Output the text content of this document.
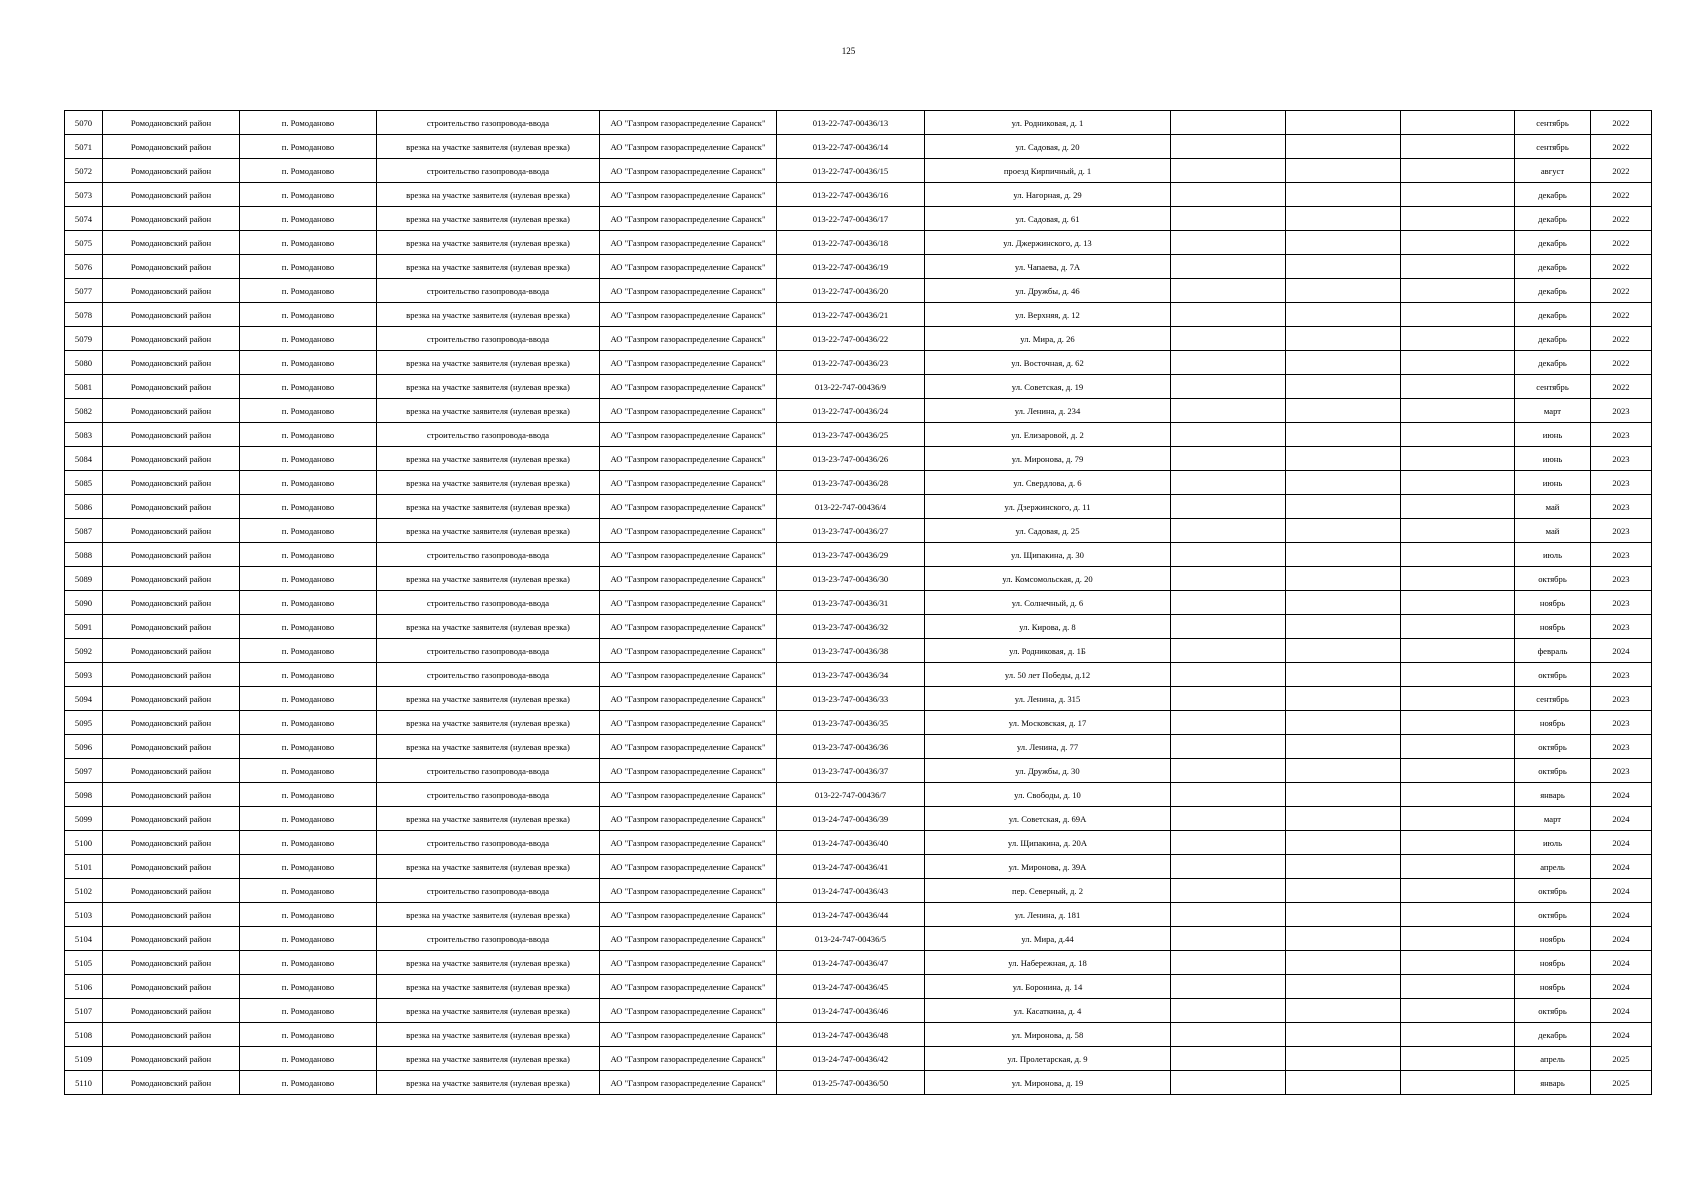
125
5070	Ромодановский район	п. Ромоданово	строительство газопровода-ввода	АО "Газпром газораспределение Саранск"	013-22-747-00436/13	ул. Родниковая, д. 1				сентябрь	2022
5071	Ромодановский район	п. Ромоданово	врезка на участке заявителя (нулевая врезка)	АО "Газпром газораспределение Саранск"	013-22-747-00436/14	ул. Садовая, д. 20				сентябрь	2022
5072	Ромодановский район	п. Ромоданово	строительство газопровода-ввода	АО "Газпром газораспределение Саранск"	013-22-747-00436/15	проезд Кирпичный, д. 1				август	2022
5073	Ромодановский район	п. Ромоданово	врезка на участке заявителя (нулевая врезка)	АО "Газпром газораспределение Саранск"	013-22-747-00436/16	ул. Нагорная, д. 29				декабрь	2022
5074	Ромодановский район	п. Ромоданово	врезка на участке заявителя (нулевая врезка)	АО "Газпром газораспределение Саранск"	013-22-747-00436/17	ул. Садовая, д. 61				декабрь	2022
5075	Ромодановский район	п. Ромоданово	врезка на участке заявителя (нулевая врезка)	АО "Газпром газораспределение Саранск"	013-22-747-00436/18	ул. Джержинского, д. 13				декабрь	2022
5076	Ромодановский район	п. Ромоданово	врезка на участке заявителя (нулевая врезка)	АО "Газпром газораспределение Саранск"	013-22-747-00436/19	ул. Чапаева, д. 7А				декабрь	2022
5077	Ромодановский район	п. Ромоданово	строительство газопровода-ввода	АО "Газпром газораспределение Саранск"	013-22-747-00436/20	ул. Дружбы, д. 46				декабрь	2022
5078	Ромодановский район	п. Ромоданово	врезка на участке заявителя (нулевая врезка)	АО "Газпром газораспределение Саранск"	013-22-747-00436/21	ул. Верхняя, д. 12				декабрь	2022
5079	Ромодановский район	п. Ромоданово	строительство газопровода-ввода	АО "Газпром газораспределение Саранск"	013-22-747-00436/22	ул. Мира, д. 26				декабрь	2022
5080	Ромодановский район	п. Ромоданово	врезка на участке заявителя (нулевая врезка)	АО "Газпром газораспределение Саранск"	013-22-747-00436/23	ул. Восточная, д. 62				декабрь	2022
5081	Ромодановский район	п. Ромоданово	врезка на участке заявителя (нулевая врезка)	АО "Газпром газораспределение Саранск"	013-22-747-00436/9	ул. Советская, д. 19				сентябрь	2022
5082	Ромодановский район	п. Ромоданово	врезка на участке заявителя (нулевая врезка)	АО "Газпром газораспределение Саранск"	013-22-747-00436/24	ул. Ленина, д. 234				март	2023
5083	Ромодановский район	п. Ромоданово	строительство газопровода-ввода	АО "Газпром газораспределение Саранск"	013-23-747-00436/25	ул. Елизаровой, д. 2				июнь	2023
5084	Ромодановский район	п. Ромоданово	врезка на участке заявителя (нулевая врезка)	АО "Газпром газораспределение Саранск"	013-23-747-00436/26	ул. Миронова, д. 79				июнь	2023
5085	Ромодановский район	п. Ромоданово	врезка на участке заявителя (нулевая врезка)	АО "Газпром газораспределение Саранск"	013-23-747-00436/28	ул. Свердлова, д. 6				июнь	2023
5086	Ромодановский район	п. Ромоданово	врезка на участке заявителя (нулевая врезка)	АО "Газпром газораспределение Саранск"	013-22-747-00436/4	ул. Дзержинского, д. 11				май	2023
5087	Ромодановский район	п. Ромоданово	врезка на участке заявителя (нулевая врезка)	АО "Газпром газораспределение Саранск"	013-23-747-00436/27	ул. Садовая, д. 25				май	2023
5088	Ромодановский район	п. Ромоданово	строительство газопровода-ввода	АО "Газпром газораспределение Саранск"	013-23-747-00436/29	ул. Щипакина, д. 30				июль	2023
5089	Ромодановский район	п. Ромоданово	врезка на участке заявителя (нулевая врезка)	АО "Газпром газораспределение Саранск"	013-23-747-00436/30	ул. Комсомольская, д. 20				октябрь	2023
5090	Ромодановский район	п. Ромоданово	строительство газопровода-ввода	АО "Газпром газораспределение Саранск"	013-23-747-00436/31	ул. Солнечный, д. 6				ноябрь	2023
5091	Ромодановский район	п. Ромоданово	врезка на участке заявителя (нулевая врезка)	АО "Газпром газораспределение Саранск"	013-23-747-00436/32	ул. Кирова, д. 8				ноябрь	2023
5092	Ромодановский район	п. Ромоданово	строительство газопровода-ввода	АО "Газпром газораспределение Саранск"	013-23-747-00436/38	ул. Родниковая, д. 1Б				февраль	2024
5093	Ромодановский район	п. Ромоданово	строительство газопровода-ввода	АО "Газпром газораспределение Саранск"	013-23-747-00436/34	ул. 50 лет Победы, д.12				октябрь	2023
5094	Ромодановский район	п. Ромоданово	врезка на участке заявителя (нулевая врезка)	АО "Газпром газораспределение Саранск"	013-23-747-00436/33	ул. Ленина, д. 315				сентябрь	2023
5095	Ромодановский район	п. Ромоданово	врезка на участке заявителя (нулевая врезка)	АО "Газпром газораспределение Саранск"	013-23-747-00436/35	ул. Московская, д. 17				ноябрь	2023
5096	Ромодановский район	п. Ромоданово	врезка на участке заявителя (нулевая врезка)	АО "Газпром газораспределение Саранск"	013-23-747-00436/36	ул. Ленина, д. 77				октябрь	2023
5097	Ромодановский район	п. Ромоданово	строительство газопровода-ввода	АО "Газпром газораспределение Саранск"	013-23-747-00436/37	ул. Дружбы, д. 30				октябрь	2023
5098	Ромодановский район	п. Ромоданово	строительство газопровода-ввода	АО "Газпром газораспределение Саранск"	013-22-747-00436/7	ул. Свободы, д. 10				январь	2024
5099	Ромодановский район	п. Ромоданово	врезка на участке заявителя (нулевая врезка)	АО "Газпром газораспределение Саранск"	013-24-747-00436/39	ул. Советская, д. 69А				март	2024
5100	Ромодановский район	п. Ромоданово	строительство газопровода-ввода	АО "Газпром газораспределение Саранск"	013-24-747-00436/40	ул. Щипакина, д. 20А				июль	2024
5101	Ромодановский район	п. Ромоданово	врезка на участке заявителя (нулевая врезка)	АО "Газпром газораспределение Саранск"	013-24-747-00436/41	ул. Миронова, д. 39А				апрель	2024
5102	Ромодановский район	п. Ромоданово	строительство газопровода-ввода	АО "Газпром газораспределение Саранск"	013-24-747-00436/43	пер. Северный, д. 2				октябрь	2024
5103	Ромодановский район	п. Ромоданово	врезка на участке заявителя (нулевая врезка)	АО "Газпром газораспределение Саранск"	013-24-747-00436/44	ул. Ленина, д. 181				октябрь	2024
5104	Ромодановский район	п. Ромоданово	строительство газопровода-ввода	АО "Газпром газораспределение Саранск"	013-24-747-00436/5	ул. Мира, д.44				ноябрь	2024
5105	Ромодановский район	п. Ромоданово	врезка на участке заявителя (нулевая врезка)	АО "Газпром газораспределение Саранск"	013-24-747-00436/47	ул. Набережная, д. 18				ноябрь	2024
5106	Ромодановский район	п. Ромоданово	врезка на участке заявителя (нулевая врезка)	АО "Газпром газораспределение Саранск"	013-24-747-00436/45	ул. Боронина, д. 14				ноябрь	2024
5107	Ромодановский район	п. Ромоданово	врезка на участке заявителя (нулевая врезка)	АО "Газпром газораспределение Саранск"	013-24-747-00436/46	ул. Касаткина, д. 4				октябрь	2024
5108	Ромодановский район	п. Ромоданово	врезка на участке заявителя (нулевая врезка)	АО "Газпром газораспределение Саранск"	013-24-747-00436/48	ул. Миронова, д. 58				декабрь	2024
5109	Ромодановский район	п. Ромоданово	врезка на участке заявителя (нулевая врезка)	АО "Газпром газораспределение Саранск"	013-24-747-00436/42	ул. Пролетарская, д. 9				апрель	2025
5110	Ромодановский район	п. Ромоданово	врезка на участке заявителя (нулевая врезка)	АО "Газпром газораспределение Саранск"	013-25-747-00436/50	ул. Миронова, д. 19				январь	2025
